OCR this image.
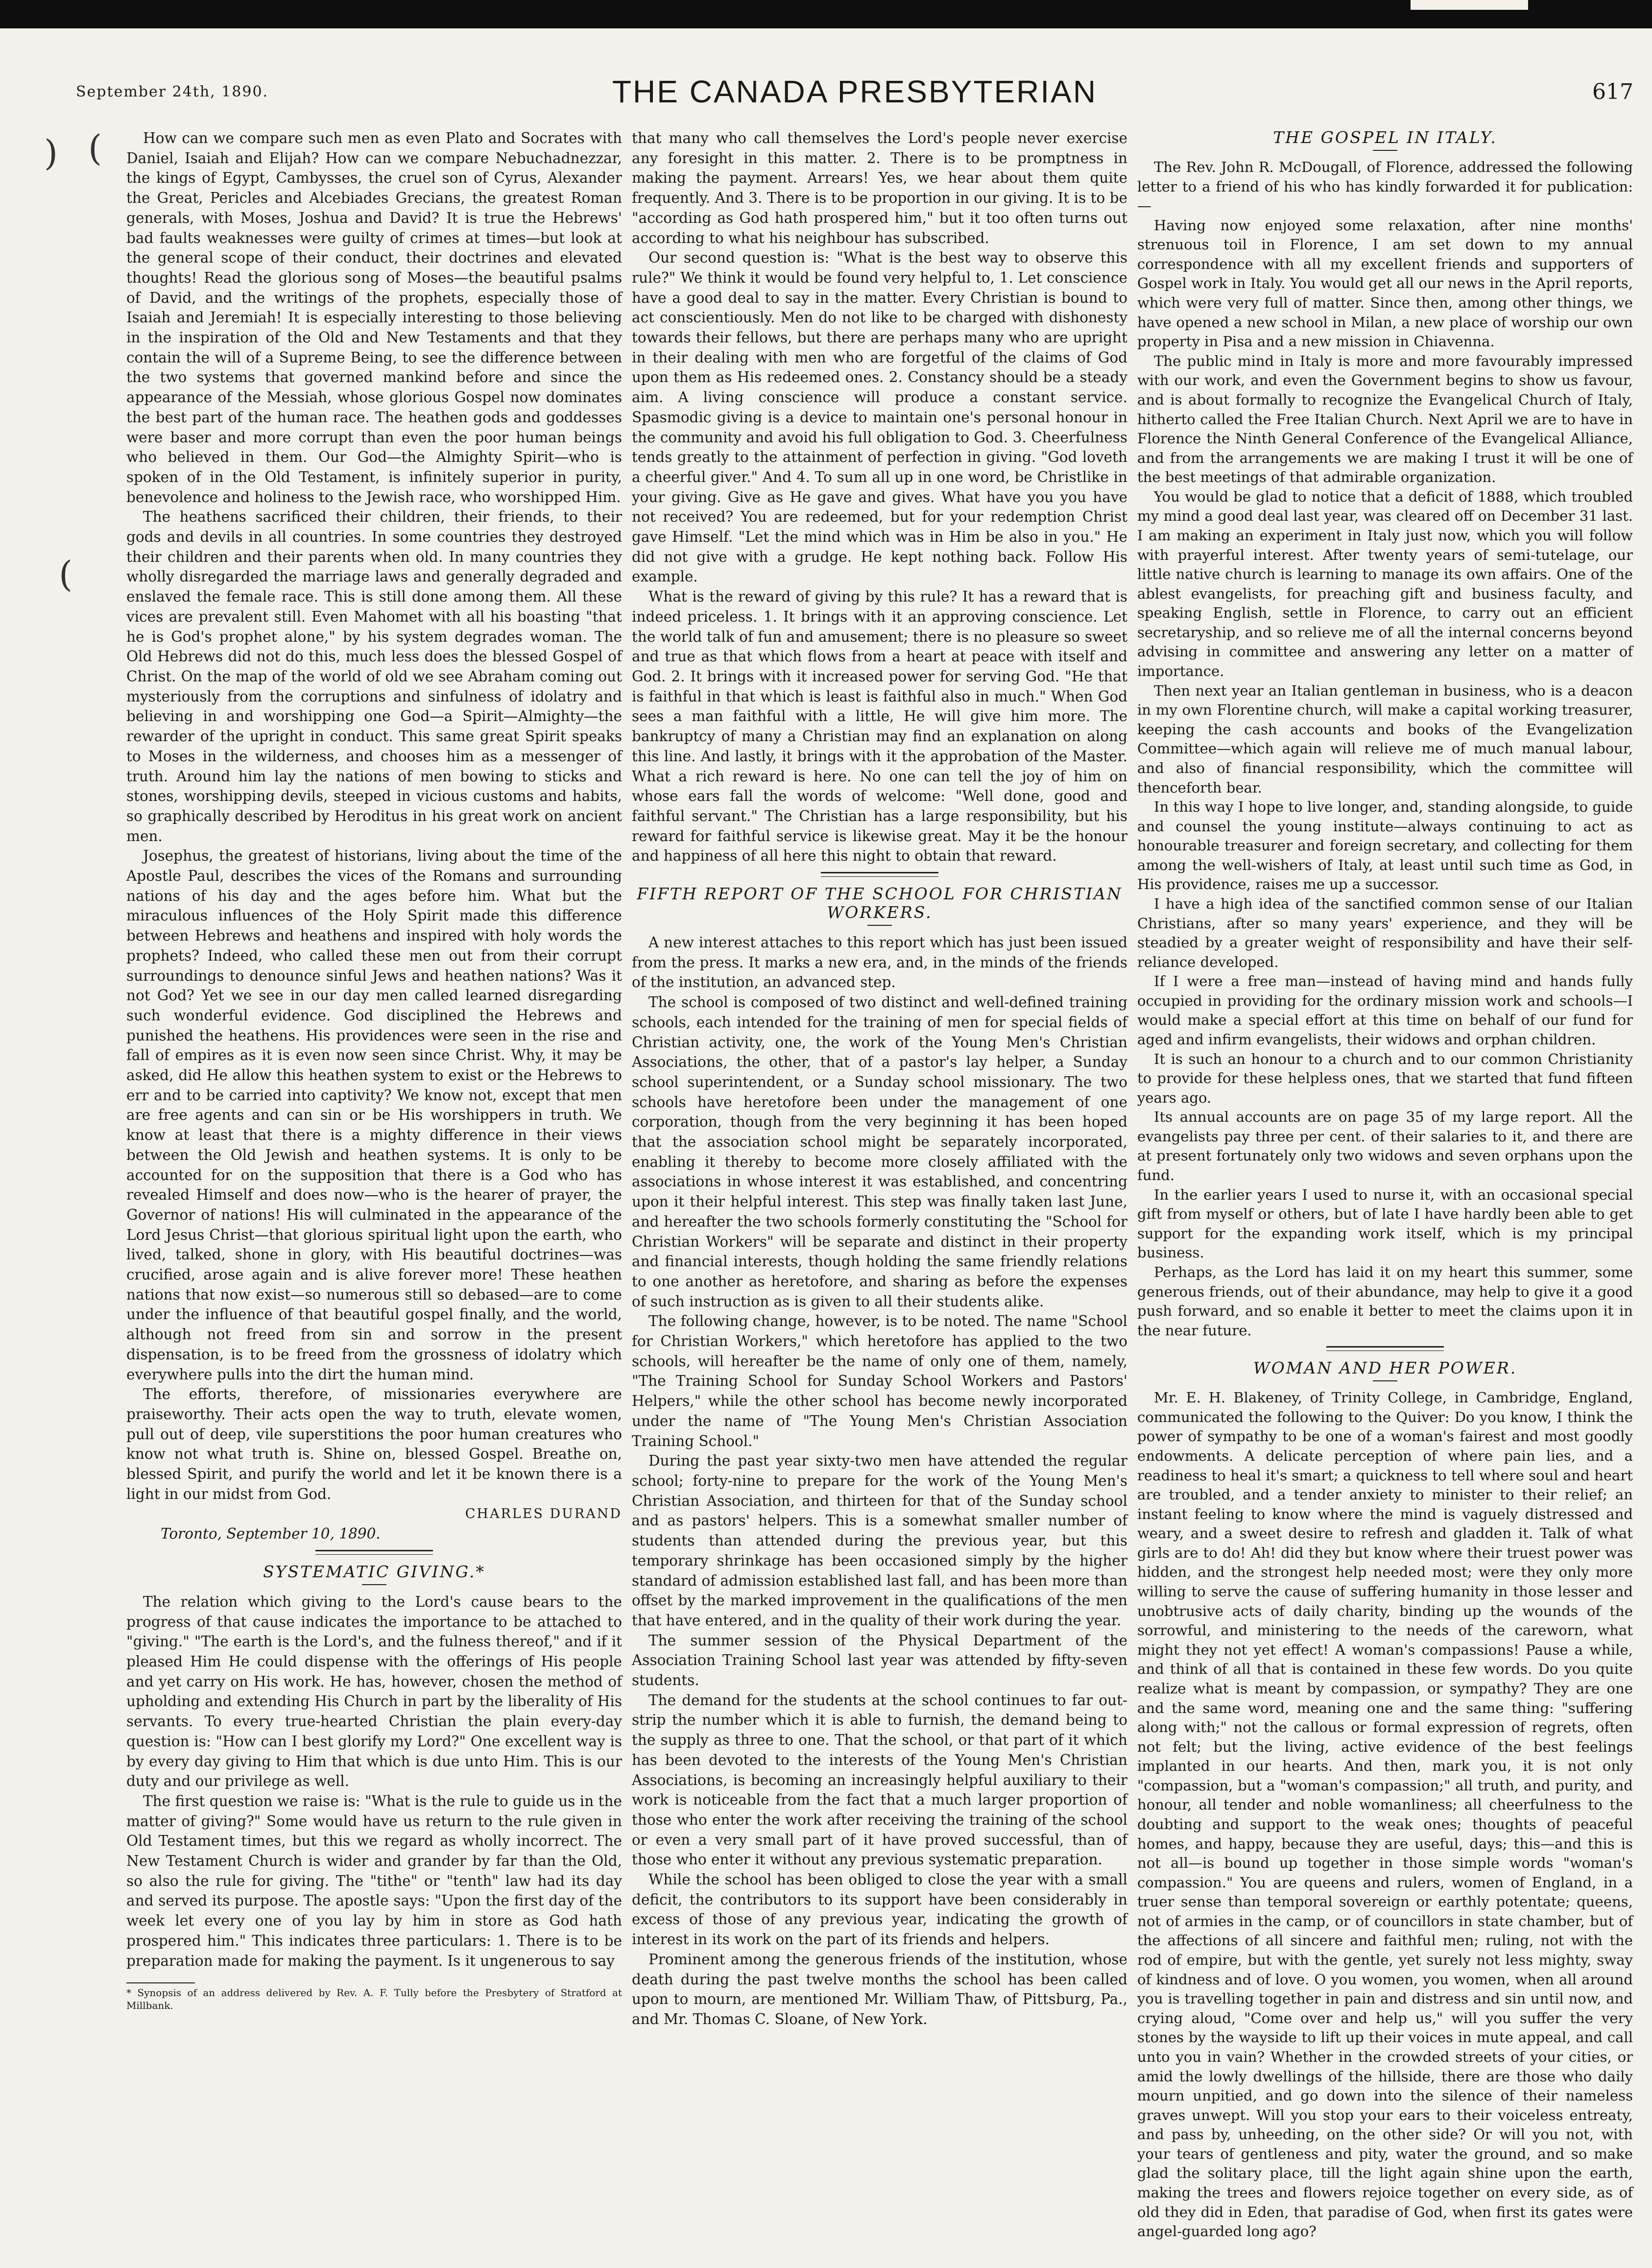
September 24th, 1890.	THE CANADA PRESBYTERIAN	617
) (
(

How can we compare such men as even Plato and Socrates with Daniel, Isaiah and Elijah? How can we compare Nebuchadnezzar, the kings of Egypt, Cambysses, the cruel son of Cyrus, Alexander the Great, Pericles and Alcebiades Grecians, the greatest Roman generals, with Moses, Joshua and David? It is true the Hebrews' bad faults weaknesses were guilty of crimes at times—but look at the general scope of their conduct, their doctrines and elevated thoughts! Read the glorious song of Moses—the beautiful psalms of David, and the writings of the prophets, especially those of Isaiah and Jeremiah! It is especially interesting to those believing in the inspiration of the Old and New Testaments and that they contain the will of a Supreme Being, to see the difference between the two systems that governed mankind before and since the appearance of the Messiah, whose glorious Gospel now dominates the best part of the human race. The heathen gods and goddesses were baser and more corrupt than even the poor human beings who believed in them. Our God—the Almighty Spirit—who is spoken of in the Old Testament, is infinitely superior in purity, benevolence and holiness to the Jewish race, who worshipped Him.

The heathens sacrificed their children, their friends, to their gods and devils in all countries. In some countries they destroyed their children and their parents when old. In many countries they wholly disregarded the marriage laws and generally degraded and enslaved the female race. This is still done among them. All these vices are prevalent still. Even Mahomet with all his boasting "that he is God's prophet alone," by his system degrades woman. The Old Hebrews did not do this, much less does the blessed Gospel of Christ. On the map of the world of old we see Abraham coming out mysteriously from the corruptions and sinfulness of idolatry and believing in and worshipping one God—a Spirit—Almighty—the rewarder of the upright in conduct. This same great Spirit speaks to Moses in the wilderness, and chooses him as a messenger of truth. Around him lay the nations of men bowing to sticks and stones, worshipping devils, steeped in vicious customs and habits, so graphically described by Heroditus in his great work on ancient men.

Josephus, the greatest of historians, living about the time of the Apostle Paul, describes the vices of the Romans and surrounding nations of his day and the ages before him. What but the miraculous influences of the Holy Spirit made this difference between Hebrews and heathens and inspired with holy words the prophets? Indeed, who called these men out from their corrupt surroundings to denounce sinful Jews and heathen nations? Was it not God? Yet we see in our day men called learned disregarding such wonderful evidence. God disciplined the Hebrews and punished the heathens. His providences were seen in the rise and fall of empires as it is even now seen since Christ. Why, it may be asked, did He allow this heathen system to exist or the Hebrews to err and to be carried into captivity? We know not, except that men are free agents and can sin or be His worshippers in truth. We know at least that there is a mighty difference in their views between the Old Jewish and heathen systems. It is only to be accounted for on the supposition that there is a God who has revealed Himself and does now—who is the hearer of prayer, the Governor of nations! His will culminated in the appearance of the Lord Jesus Christ—that glorious spiritual light upon the earth, who lived, talked, shone in glory, with His beautiful doctrines—was crucified, arose again and is alive forever more! These heathen nations that now exist—so numerous still so debased—are to come under the influence of that beautiful gospel finally, and the world, although not freed from sin and sorrow in the present dispensation, is to be freed from the grossness of idolatry which everywhere pulls into the dirt the human mind.

The efforts, therefore, of missionaries everywhere are praiseworthy. Their acts open the way to truth, elevate women, pull out of deep, vile superstitions the poor human creatures who know not what truth is. Shine on, blessed Gospel. Breathe on, blessed Spirit, and purify the world and let it be known there is a light in our midst from God.

CHARLES DURAND
Toronto, September 10, 1890.
SYSTEMATIC GIVING.*

The relation which giving to the Lord's cause bears to the progress of that cause indicates the importance to be attached to "giving." "The earth is the Lord's, and the fulness thereof," and if it pleased Him He could dispense with the offerings of His people and yet carry on His work. He has, however, chosen the method of upholding and extending His Church in part by the liberality of His servants. To every true-hearted Christian the plain every-day question is: "How can I best glorify my Lord?" One excellent way is by every day giving to Him that which is due unto Him. This is our duty and our privilege as well.

The first question we raise is: "What is the rule to guide us in the matter of giving?" Some would have us return to the rule given in Old Testament times, but this we regard as wholly incorrect. The New Testament Church is wider and grander by far than the Old, so also the rule for giving. The "tithe" or "tenth" law had its day and served its purpose. The apostle says: "Upon the first day of the week let every one of you lay by him in store as God hath prospered him." This indicates three particulars: 1. There is to be preparation made for making the payment. Is it ungenerous to say

* Synopsis of an address delivered by Rev. A. F. Tully before the Presbytery of Stratford at Millbank.

that many who call themselves the Lord's people never exercise any foresight in this matter. 2. There is to be promptness in making the payment. Arrears! Yes, we hear about them quite frequently. And 3. There is to be proportion in our giving. It is to be "according as God hath prospered him," but it too often turns out according to what his neighbour has subscribed.

Our second question is: "What is the best way to observe this rule?" We think it would be found very helpful to, 1. Let conscience have a good deal to say in the matter. Every Christian is bound to act conscientiously. Men do not like to be charged with dishonesty towards their fellows, but there are perhaps many who are upright in their dealing with men who are forgetful of the claims of God upon them as His redeemed ones. 2. Constancy should be a steady aim. A living conscience will produce a constant service. Spasmodic giving is a device to maintain one's personal honour in the community and avoid his full obligation to God. 3. Cheerfulness tends greatly to the attainment of perfection in giving. "God loveth a cheerful giver." And 4. To sum all up in one word, be Christlike in your giving. Give as He gave and gives. What have you you have not received? You are redeemed, but for your redemption Christ gave Himself. "Let the mind which was in Him be also in you." He did not give with a grudge. He kept nothing back. Follow His example.

What is the reward of giving by this rule? It has a reward that is indeed priceless. 1. It brings with it an approving conscience. Let the world talk of fun and amusement; there is no pleasure so sweet and true as that which flows from a heart at peace with itself and God. 2. It brings with it increased power for serving God. "He that is faithful in that which is least is faithful also in much." When God sees a man faithful with a little, He will give him more. The bankruptcy of many a Christian may find an explanation on along this line. And lastly, it brings with it the approbation of the Master. What a rich reward is here. No one can tell the joy of him on whose ears fall the words of welcome: "Well done, good and faithful servant." The Christian has a large responsibility, but his reward for faithful service is likewise great. May it be the honour and happiness of all here this night to obtain that reward.

FIFTH REPORT OF THE SCHOOL FOR CHRISTIAN WORKERS.

A new interest attaches to this report which has just been issued from the press. It marks a new era, and, in the minds of the friends of the institution, an advanced step.

The school is composed of two distinct and well-defined training schools, each intended for the training of men for special fields of Christian activity, one, the work of the Young Men's Christian Associations, the other, that of a pastor's lay helper, a Sunday school superintendent, or a Sunday school missionary. The two schools have heretofore been under the management of one corporation, though from the very beginning it has been hoped that the association school might be separately incorporated, enabling it thereby to become more closely affiliated with the associations in whose interest it was established, and concentring upon it their helpful interest. This step was finally taken last June, and hereafter the two schools formerly constituting the "School for Christian Workers" will be separate and distinct in their property and financial interests, though holding the same friendly relations to one another as heretofore, and sharing as before the expenses of such instruction as is given to all their students alike.

The following change, however, is to be noted. The name "School for Christian Workers," which heretofore has applied to the two schools, will hereafter be the name of only one of them, namely, "The Training School for Sunday School Workers and Pastors' Helpers," while the other school has become newly incorporated under the name of "The Young Men's Christian Association Training School."

During the past year sixty-two men have attended the regular school; forty-nine to prepare for the work of the Young Men's Christian Association, and thirteen for that of the Sunday school and as pastors' helpers. This is a somewhat smaller number of students than attended during the previous year, but this temporary shrinkage has been occasioned simply by the higher standard of admission established last fall, and has been more than offset by the marked improvement in the qualifications of the men that have entered, and in the quality of their work during the year.

The summer session of the Physical Department of the Association Training School last year was attended by fifty-seven students.

The demand for the students at the school continues to far out-strip the number which it is able to furnish, the demand being to the supply as three to one. That the school, or that part of it which has been devoted to the interests of the Young Men's Christian Associations, is becoming an increasingly helpful auxiliary to their work is noticeable from the fact that a much larger proportion of those who enter the work after receiving the training of the school or even a very small part of it have proved successful, than of those who enter it without any previous systematic preparation.

While the school has been obliged to close the year with a small deficit, the contributors to its support have been considerably in excess of those of any previous year, indicating the growth of interest in its work on the part of its friends and helpers.

Prominent among the generous friends of the institution, whose death during the past twelve months the school has been called upon to mourn, are mentioned Mr. William Thaw, of Pittsburg, Pa., and Mr. Thomas C. Sloane, of New York.

THE GOSPEL IN ITALY.

The Rev. John R. McDougall, of Florence, addressed the following letter to a friend of his who has kindly forwarded it for publication:—

Having now enjoyed some relaxation, after nine months' strenuous toil in Florence, I am set down to my annual correspondence with all my excellent friends and supporters of Gospel work in Italy. You would get all our news in the April reports, which were very full of matter. Since then, among other things, we have opened a new school in Milan, a new place of worship our own property in Pisa and a new mission in Chiavenna.

The public mind in Italy is more and more favourably impressed with our work, and even the Government begins to show us favour, and is about formally to recognize the Evangelical Church of Italy, hitherto called the Free Italian Church. Next April we are to have in Florence the Ninth General Conference of the Evangelical Alliance, and from the arrangements we are making I trust it will be one of the best meetings of that admirable organization.

You would be glad to notice that a deficit of 1888, which troubled my mind a good deal last year, was cleared off on December 31 last. I am making an experiment in Italy just now, which you will follow with prayerful interest. After twenty years of semi-tutelage, our little native church is learning to manage its own affairs. One of the ablest evangelists, for preaching gift and business faculty, and speaking English, settle in Florence, to carry out an efficient secretaryship, and so relieve me of all the internal concerns beyond advising in committee and answering any letter on a matter of importance.

Then next year an Italian gentleman in business, who is a deacon in my own Florentine church, will make a capital working treasurer, keeping the cash accounts and books of the Evangelization Committee—which again will relieve me of much manual labour, and also of financial responsibility, which the committee will thenceforth bear.

In this way I hope to live longer, and, standing alongside, to guide and counsel the young institute—always continuing to act as honourable treasurer and foreign secretary, and collecting for them among the well-wishers of Italy, at least until such time as God, in His providence, raises me up a successor.

I have a high idea of the sanctified common sense of our Italian Christians, after so many years' experience, and they will be steadied by a greater weight of responsibility and have their self-reliance developed.

If I were a free man—instead of having mind and hands fully occupied in providing for the ordinary mission work and schools—I would make a special effort at this time on behalf of our fund for aged and infirm evangelists, their widows and orphan children.

It is such an honour to a church and to our common Christianity to provide for these helpless ones, that we started that fund fifteen years ago.

Its annual accounts are on page 35 of my large report. All the evangelists pay three per cent. of their salaries to it, and there are at present fortunately only two widows and seven orphans upon the fund.

In the earlier years I used to nurse it, with an occasional special gift from myself or others, but of late I have hardly been able to get support for the expanding work itself, which is my principal business.

Perhaps, as the Lord has laid it on my heart this summer, some generous friends, out of their abundance, may help to give it a good push forward, and so enable it better to meet the claims upon it in the near future.

WOMAN AND HER POWER.

Mr. E. H. Blakeney, of Trinity College, in Cambridge, England, communicated the following to the Quiver: Do you know, I think the power of sympathy to be one of a woman's fairest and most goodly endowments. A delicate perception of where pain lies, and a readiness to heal it's smart; a quickness to tell where soul and heart are troubled, and a tender anxiety to minister to their relief; an instant feeling to know where the mind is vaguely distressed and weary, and a sweet desire to refresh and gladden it. Talk of what girls are to do! Ah! did they but know where their truest power was hidden, and the strongest help needed most; were they only more willing to serve the cause of suffering humanity in those lesser and unobtrusive acts of daily charity, binding up the wounds of the sorrowful, and ministering to the needs of the careworn, what might they not yet effect! A woman's compassions! Pause a while, and think of all that is contained in these few words. Do you quite realize what is meant by compassion, or sympathy? They are one and the same word, meaning one and the same thing: "suffering along with;" not the callous or formal expression of regrets, often not felt; but the living, active evidence of the best feelings implanted in our hearts. And then, mark you, it is not only "compassion, but a "woman's compassion;" all truth, and purity, and honour, all tender and noble womanliness; all cheerfulness to the doubting and support to the weak ones; thoughts of peaceful homes, and happy, because they are useful, days; this—and this is not all—is bound up together in those simple words "woman's compassion." You are queens and rulers, women of England, in a truer sense than temporal sovereign or earthly potentate; queens, not of armies in the camp, or of councillors in state chamber, but of the affections of all sincere and faithful men; ruling, not with the rod of empire, but with the gentle, yet surely not less mighty, sway of kindness and of love. O you women, you women, when all around you is travelling together in pain and distress and sin until now, and crying aloud, "Come over and help us," will you suffer the very stones by the wayside to lift up their voices in mute appeal, and call unto you in vain? Whether in the crowded streets of your cities, or amid the lowly dwellings of the hillside, there are those who daily mourn unpitied, and go down into the silence of their nameless graves unwept. Will you stop your ears to their voiceless entreaty, and pass by, unheeding, on the other side? Or will you not, with your tears of gentleness and pity, water the ground, and so make glad the solitary place, till the light again shine upon the earth, making the trees and flowers rejoice together on every side, as of old they did in Eden, that paradise of God, when first its gates were angel-guarded long ago?
